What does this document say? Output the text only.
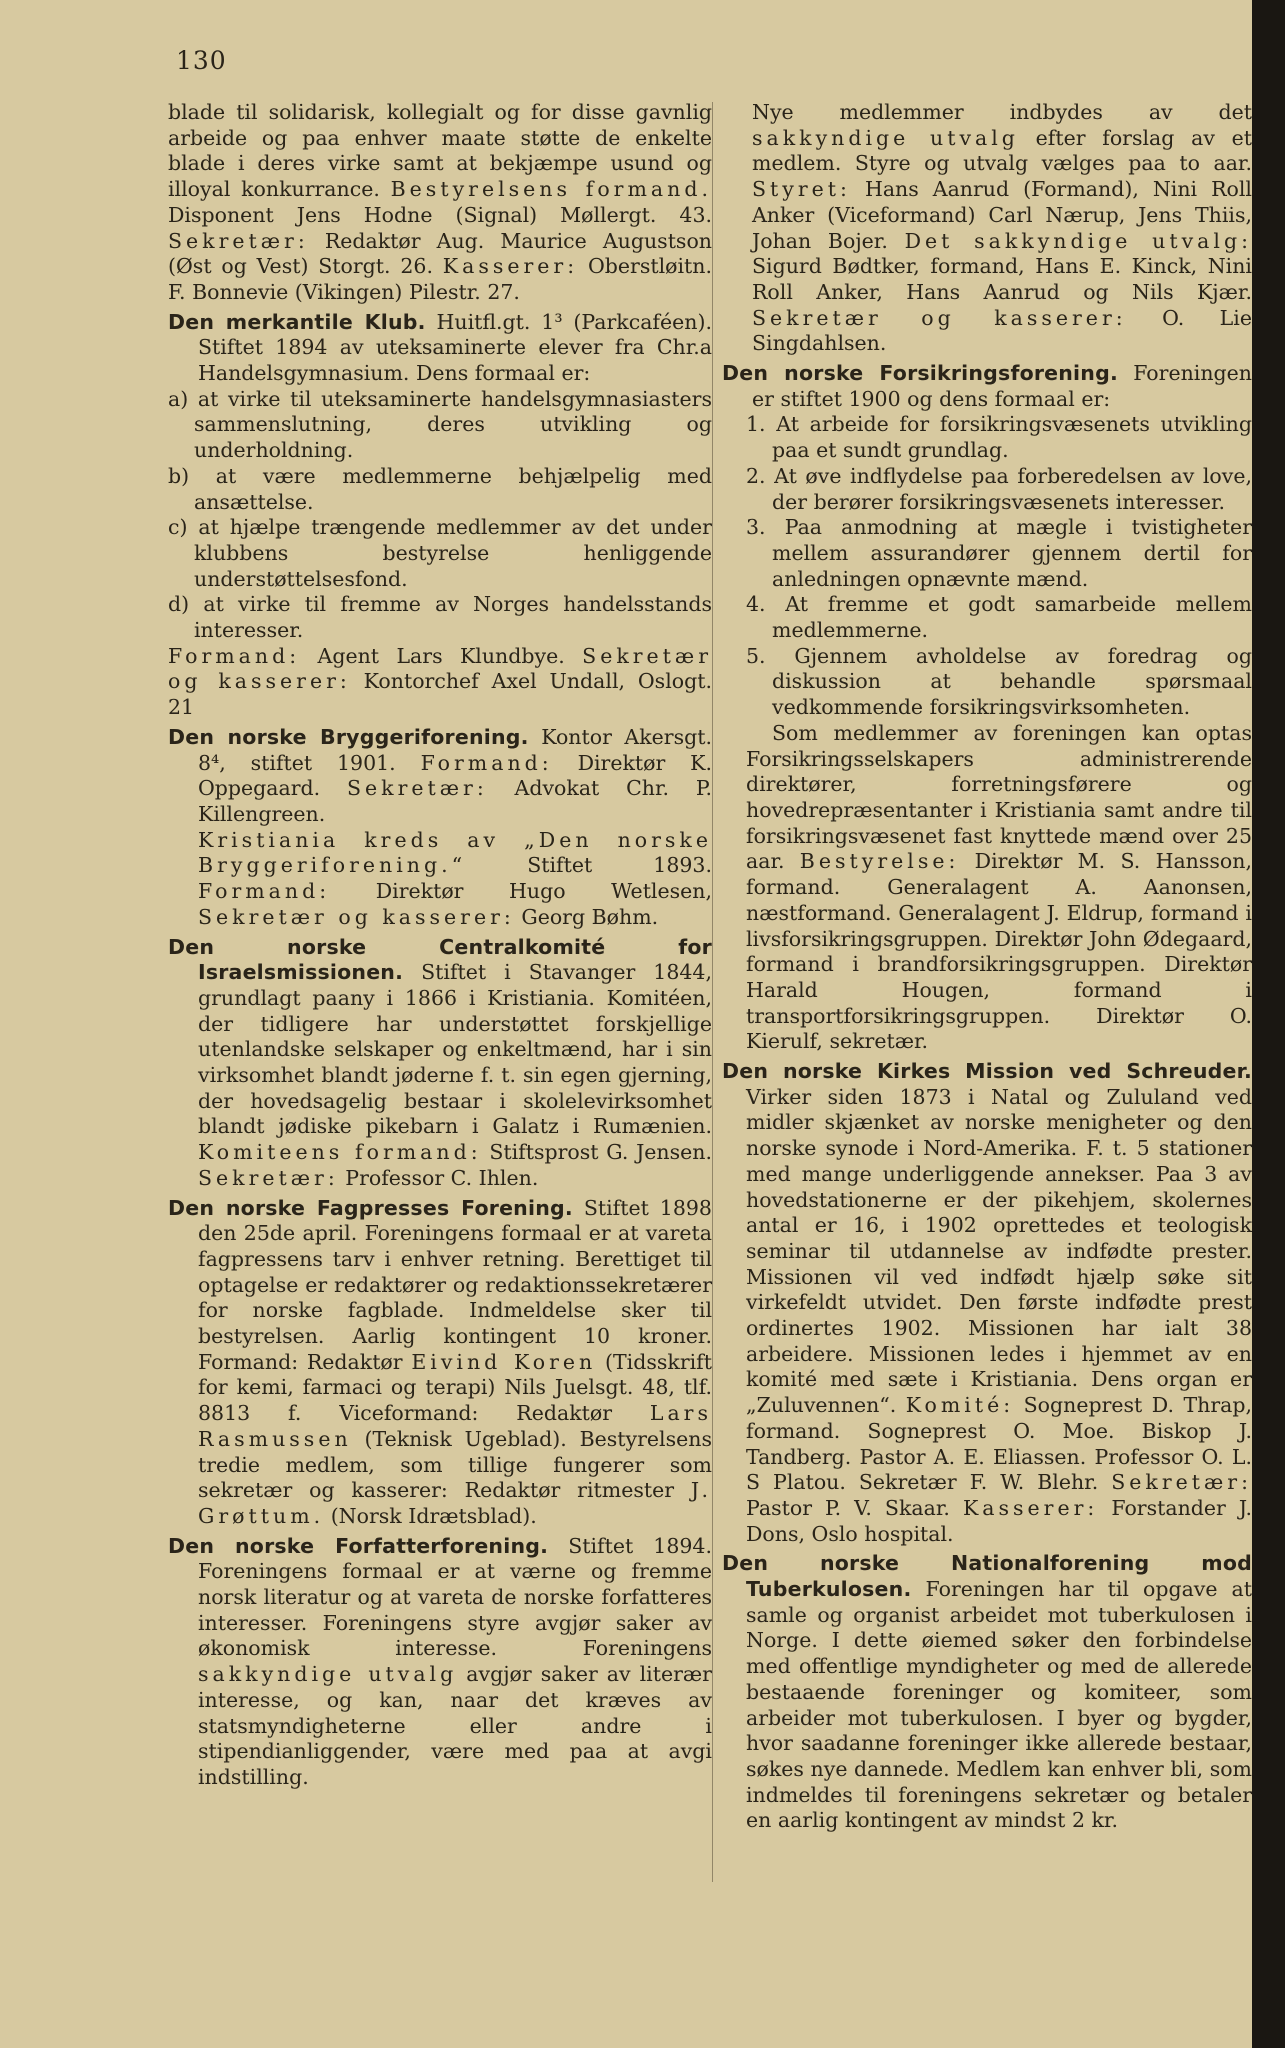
130

blade til solidarisk, kollegialt og for disse gavnlig arbeide og paa enhver maate støtte de enkelte blade i deres virke samt at bekjæmpe usund og illoyal konkurrance. Bestyrelsens formand. Disponent Jens Hodne (Signal) Møllergt. 43. Sekretær: Redaktør Aug. Maurice Augustson (Øst og Vest) Storgt. 26. Kasserer: Oberstløitn. F. Bonnevie (Vikingen) Pilestr. 27.

Den merkantile Klub. Huitfl.gt. 1³ (Parkcaféen). Stiftet 1894 av uteksaminerte elever fra Chr.a Handelsgymnasium. Dens formaal er:

a) at virke til uteksaminerte handelsgymnasiasters sammenslutning, deres utvikling og underholdning.

b) at være medlemmerne behjælpelig med ansættelse.

c) at hjælpe trængende medlemmer av det under klubbens bestyrelse henliggende understøttelsesfond.

d) at virke til fremme av Norges handelsstands interesser.

Formand: Agent Lars Klundbye. Sekretær og kasserer: Kontorchef Axel Undall, Oslogt. 21

Den norske Bryggeriforening. Kontor Akersgt. 8⁴, stiftet 1901. Formand: Direktør K. Oppegaard. Sekretær: Advokat Chr. P. Killengreen.

Kristiania kreds av „Den norske Bryggeriforening.“	Stiftet 1893. Formand: Direktør Hugo Wetlesen, Sekretær og kasserer: Georg Bøhm.

Den norske Centralkomité for Israelsmissionen. Stiftet i Stavanger 1844, grundlagt paany i 1866 i Kristiania. Komitéen, der tidligere har understøttet forskjellige utenlandske selskaper og enkeltmænd, har i sin virksomhet blandt jøderne f. t. sin egen gjerning, der hovedsagelig bestaar i skolelevirksomhet blandt jødiske pikebarn i Galatz i Rumænien. Komiteens formand: Stiftsprost G. Jensen. Sekretær: Professor C. Ihlen.

Den norske Fagpresses Forening. Stiftet 1898 den 25de april. Foreningens formaal er at vareta fagpressens tarv i enhver retning. Berettiget til optagelse er redaktører og redaktionssekretærer for norske fagblade. Indmeldelse sker til bestyrelsen. Aarlig kontingent 10 kroner. Formand: Redaktør Eivind Koren (Tidsskrift for kemi, farmaci og terapi) Nils Juelsgt. 48, tlf. 8813 f. Viceformand: Redaktør Lars Rasmussen (Teknisk Ugeblad). Bestyrelsens tredie medlem, som tillige fungerer som sekretær og kasserer: Redaktør ritmester J. Grøttum. (Norsk Idrætsblad).

Den norske Forfatterforening. Stiftet 1894. Foreningens formaal er at værne og fremme norsk literatur og at vareta de norske forfatteres interesser. Foreningens styre avgjør saker av økonomisk interesse. Foreningens sakkyndige utvalg avgjør saker av literær interesse, og kan, naar det kræves av statsmyndigheterne eller andre i stipendianliggender, være med paa at avgi indstilling.

Nye medlemmer indbydes av det sakkyndige utvalg efter forslag av et medlem. Styre og utvalg vælges paa to aar. Styret: Hans Aanrud (Formand), Nini Roll Anker (Viceformand) Carl Nærup, Jens Thiis, Johan Bojer. Det sakkyndige utvalg: Sigurd Bødtker, formand, Hans E. Kinck, Nini Roll Anker, Hans Aanrud og Nils Kjær. Sekretær og kasserer: O. Lie Singdahlsen.

Den norske Forsikringsforening. Foreningen er stiftet 1900 og dens formaal er:

1. At arbeide for forsikringsvæsenets utvikling paa et sundt grundlag.

2. At øve indflydelse paa forberedelsen av love, der berører forsikringsvæsenets interesser.

3. Paa anmodning at mægle i tvistigheter mellem assurandører gjennem dertil for anledningen opnævnte mænd.

4. At fremme et godt samarbeide mellem medlemmerne.

5. Gjennem avholdelse av foredrag og diskussion at behandle spørsmaal vedkommende forsikringsvirksomheten.

Som medlemmer av foreningen kan optas Forsikringsselskapers administrerende direktører, forretningsførere og hovedrepræsentanter i Kristiania samt andre til forsikringsvæsenet fast knyttede mænd over 25 aar. Bestyrelse: Direktør M. S. Hansson, formand. Generalagent A. Aanonsen, næstformand. Generalagent J. Eldrup, formand i livsforsikringsgruppen. Direktør John Ødegaard, formand i brandforsikringsgruppen. Direktør Harald Hougen, formand i transportforsikringsgruppen. Direktør O. Kierulf, sekretær.

Den norske Kirkes Mission ved Schreuder. Virker siden 1873 i Natal og Zululand ved midler skjænket av norske menigheter og den norske synode i Nord-Amerika. F. t. 5 stationer med mange underliggende annekser. Paa 3 av hovedstationerne er der pikehjem, skolernes antal er 16, i 1902 oprettedes et teologisk seminar til utdannelse av indfødte prester. Missionen vil ved indfødt hjælp søke sit virkefeldt utvidet. Den første indfødte prest ordinertes 1902. Missionen har ialt 38 arbeidere. Missionen ledes i hjemmet av en komité med sæte i Kristiania. Dens organ er „Zuluvennen“. Komité: Sogneprest D. Thrap, formand. Sogneprest O. Moe. Biskop J. Tandberg. Pastor A. E. Eliassen. Professor O. L. S Platou. Sekretær F. W. Blehr. Sekretær: Pastor P. V. Skaar. Kasserer: Forstander J. Dons, Oslo hospital.

Den norske Nationalforening mod Tuberkulosen. Foreningen har til opgave at samle og organist arbeidet mot tuberkulosen i Norge. I dette øiemed søker den forbindelse med offentlige myndigheter og med de allerede bestaaende foreninger og komiteer, som arbeider mot tuberkulosen. I byer og bygder, hvor saadanne foreninger ikke allerede bestaar, søkes nye dannede. Medlem kan enhver bli, som indmeldes til foreningens sekretær og betaler en aarlig kontingent av mindst 2 kr.
